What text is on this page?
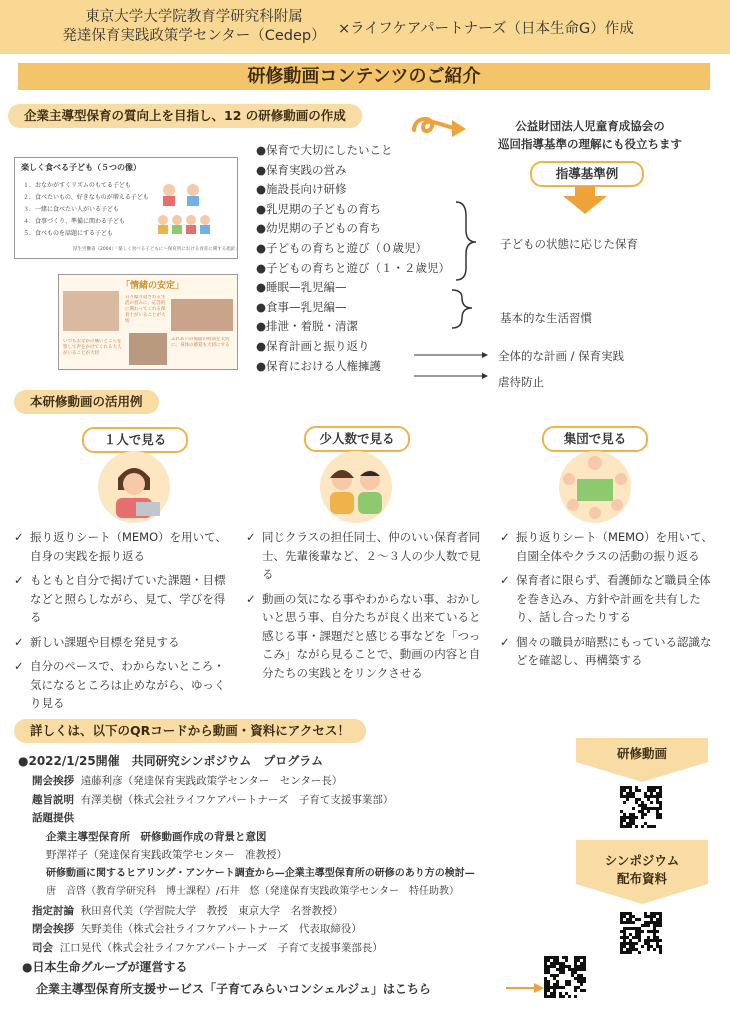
東京大学大学院教育学研究科附属
発達保育実践政策学センター（Cedep） ×ライフケアパートナーズ（日本生命G）作成
研修動画コンテンツのご紹介
企業主導型保育の質向上を目指し、12 の研修動画の作成
公益財団法人児童育成協会の
巡回指導基準の理解にも役立ちます
指導基準例
楽しく食べる子ども（５つの像）
１．おなかがすくリズムのもてる子ども
２．食べたいもの、好きなものが増える子ども
３．一緒に食べたい人がいる子ども
４．食事づくり、準備に関わる子ども
５．食べものを話題にする子ども
厚生労働省（2004）「楽しく食べる子どもに～保育所における食育に関する指針」
「情緒の安定」
日々繰り返される生活の営みに、応答的に関わってくれる保育士がいることが大切
いつもおなかの痛いところを察して声をかけてくれる大人がいることが大切
ふれあいの場面の時間を大切に、身体の感覚も大切にする
●保育で大切にしたいこと
●保育実践の営み
●施設長向け研修
●乳児期の子どもの育ち
●幼児期の子どもの育ち
●子どもの育ちと遊び（０歳児）
●子どもの育ちと遊び（１・２歳児）
●睡眠—乳児編—
●食事—乳児編—
●排泄・着脱・清潔
●保育計画と振り返り
●保育における人権擁護
子どもの状態に応じた保育
基本的な生活習慣
全体的な計画 / 保育実践
虐待防止
本研修動画の活用例
１人で見る	少人数で見る	集団で見る

✓ 振り返りシート（MEMO）を用いて、自身の実践を振り返る

✓ もともと自分で掲げていた課題・目標などと照らしながら、見て、学びを得る

✓ 新しい課題や目標を発見する

✓ 自分のペースで、わからないところ・気になるところは止めながら、ゆっくり見る

✓ 同じクラスの担任同士、仲のいい保育者同士、先輩後輩など、２～３人の少人数で見る

✓ 動画の気になる事やわからない事、おかしいと思う事、自分たちが良く出来ていると感じる事・課題だと感じる事などを「つっこみ」ながら見ることで、動画の内容と自分たちの実践とをリンクさせる

✓ 振り返りシート（MEMO）を用いて、自園全体やクラスの活動の振り返る

✓ 保育者に限らず、看護師など職員全体を巻き込み、方針や計画を共有したり、話し合ったりする

✓ 個々の職員が暗黙にもっている認識などを確認し、再構築する

詳しくは、以下のQRコードから動画・資料にアクセス！
●2022/1/25開催　共同研究シンポジウム　プログラム
開会挨拶 遠藤利彦（発達保育実践政策学センター　センター長）
趣旨説明 有澤美樹（株式会社ライフケアパートナーズ　子育て支援事業部）
話題提供
企業主導型保育所　研修動画作成の背景と意図
野澤祥子（発達保育実践政策学センター　准教授）
研修動画に関するヒアリング・アンケート調査から—企業主導型保育所の研修のあり方の検討—
唐　音啓（教育学研究科　博士課程）/石井　悠（発達保育実践政策学センター　特任助教）
指定討論 秋田喜代美（学習院大学　教授　東京大学　名誉教授）
閉会挨拶 矢野美佳（株式会社ライフケアパートナーズ　代表取締役）
司会 江口晃代（株式会社ライフケアパートナーズ　子育て支援事業部長）
●日本生命グループが運営する
企業主導型保育所支援サービス「子育てみらいコンシェルジュ」はこちら
研修動画
シンポジウム
配布資料
